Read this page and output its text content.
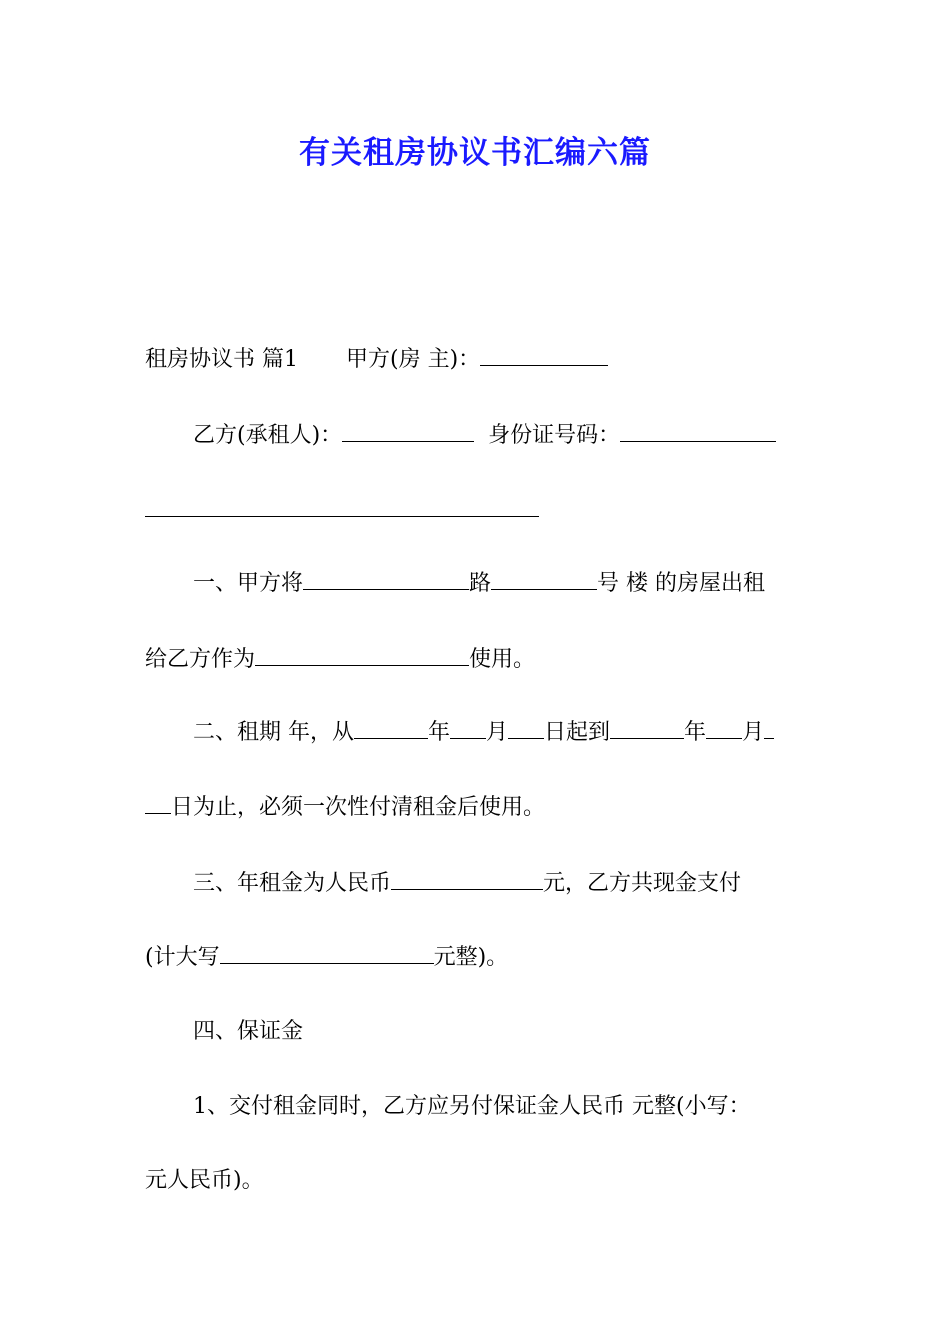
有关租房协议书汇编六篇
租房协议书 篇1 甲方(房 主)：
乙方(承租人)：	身份证号码：
一、甲方将	路	号 楼 的房屋出租
给乙方作为	使用。
二、租期 年，从	年 月 日起到	年 月
日为止，必须一次性付清租金后使用。
三、年租金为人民币	元，乙方共现金支付
(计大写	元整)。
四、保证金
1、交付租金同时，乙方应另付保证金人民币 元整(小写：
元人民币)。
